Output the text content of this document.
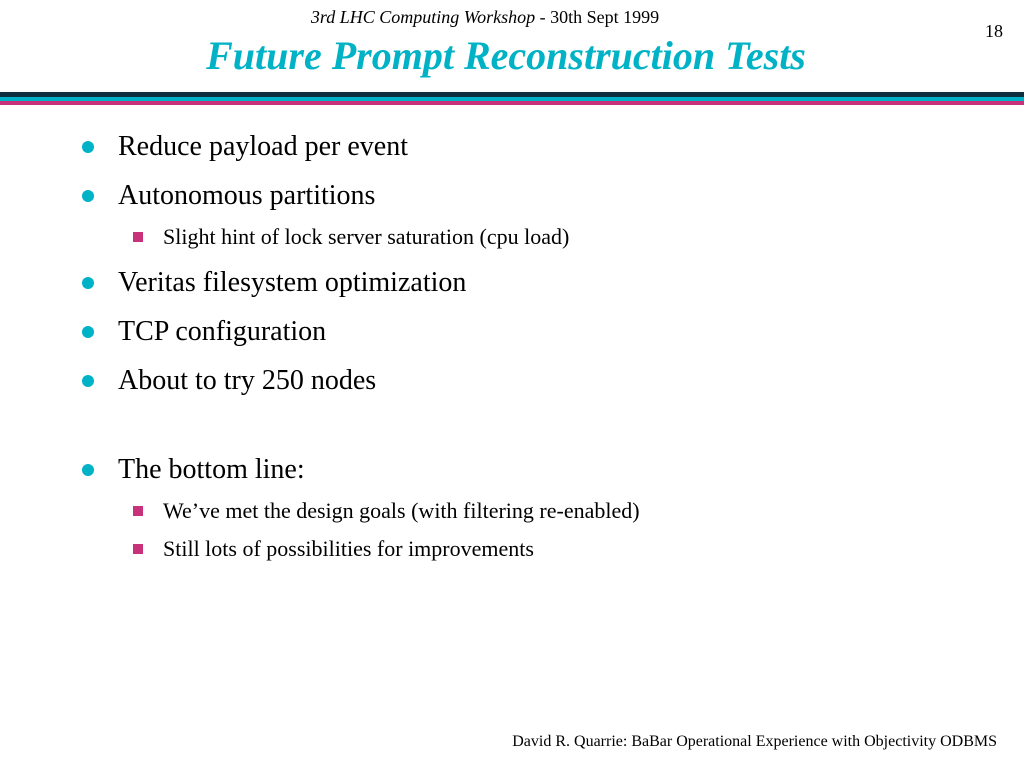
3rd LHC Computing Workshop - 30th Sept 1999
18
Future Prompt Reconstruction Tests
Reduce payload per event
Autonomous partitions
Slight hint of lock server saturation (cpu load)
Veritas filesystem optimization
TCP configuration
About to try 250 nodes
The bottom line:
We’ve met the design goals (with filtering re-enabled)
Still lots of possibilities for improvements
David R. Quarrie: BaBar Operational Experience with Objectivity ODBMS
